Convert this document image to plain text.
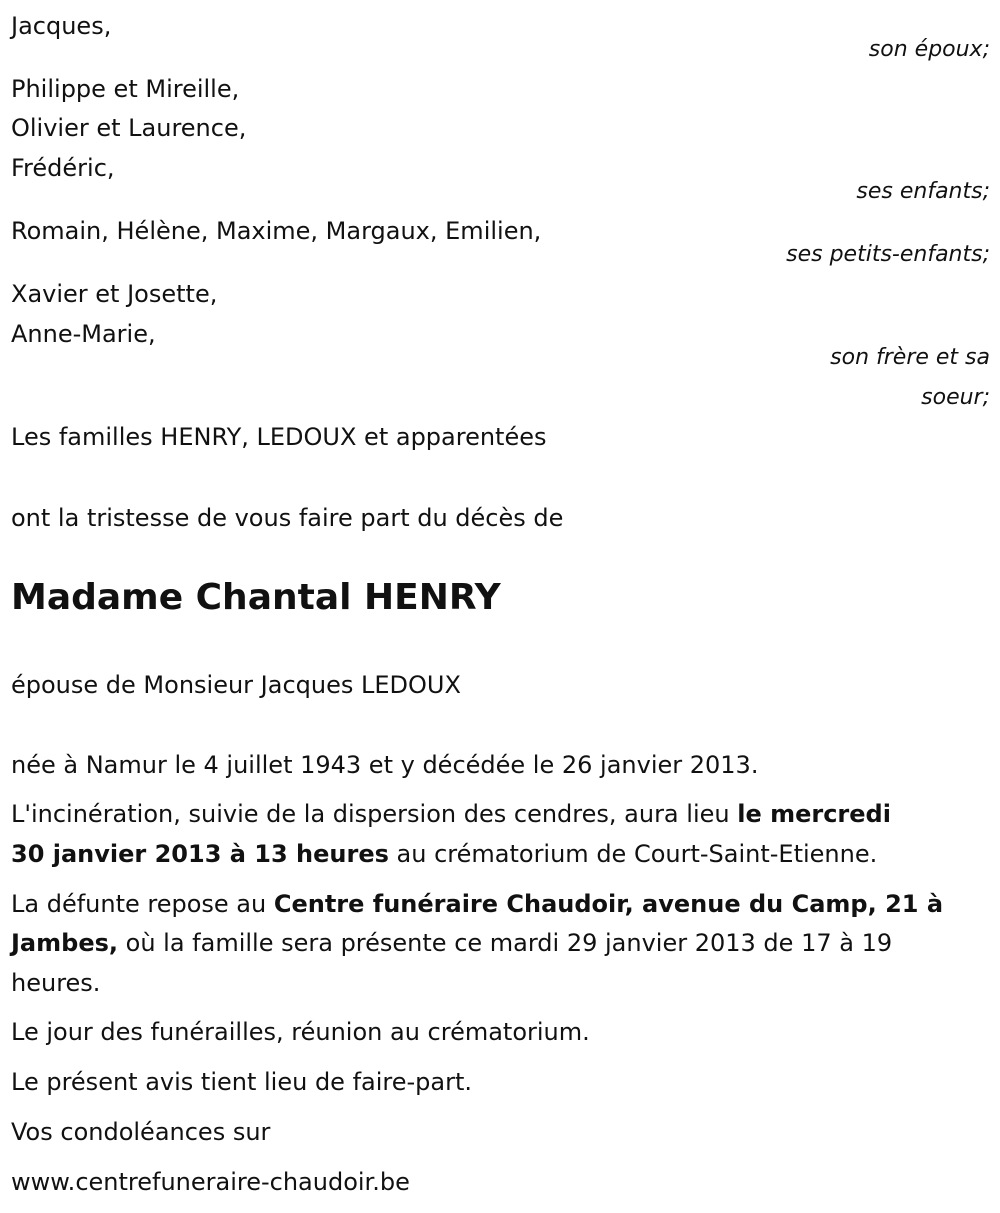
Jacques,
son époux;
Philippe et Mireille,
Olivier et Laurence,
Frédéric,
ses enfants;
Romain, Hélène, Maxime, Margaux, Emilien,
ses petits-enfants;
Xavier et Josette,
Anne-Marie,
son frère et sa
soeur;
Les familles HENRY, LEDOUX et apparentées
ont la tristesse de vous faire part du décès de
Madame Chantal HENRY
épouse de Monsieur Jacques LEDOUX
née à Namur le 4 juillet 1943 et y décédée le 26 janvier 2013.
L'incinération, suivie de la dispersion des cendres, aura lieu le mercredi
30 janvier 2013 à 13 heures au crématorium de Court-Saint-Etienne.
La défunte repose au Centre funéraire Chaudoir, avenue du Camp, 21 à
Jambes, où la famille sera présente ce mardi 29 janvier 2013 de 17 à 19
heures.
Le jour des funérailles, réunion au crématorium.
Le présent avis tient lieu de faire-part.
Vos condoléances sur
www.centrefuneraire-chaudoir.be
